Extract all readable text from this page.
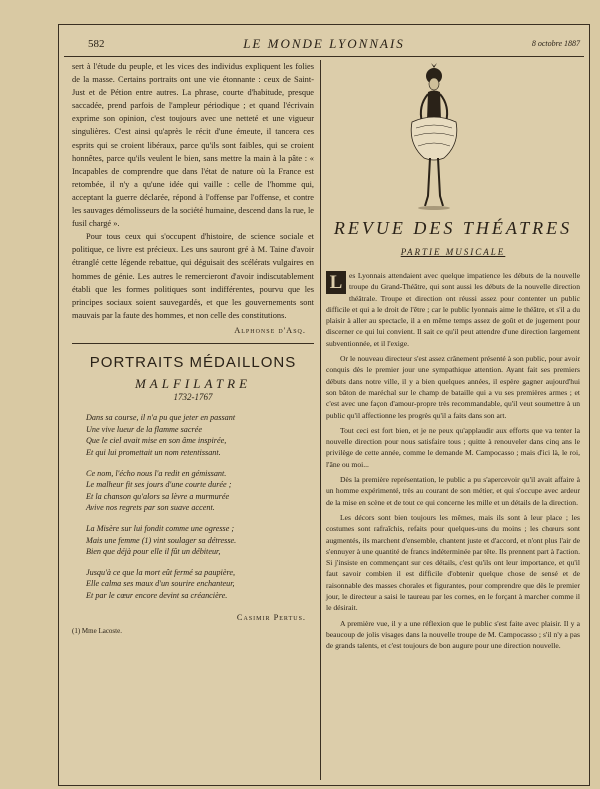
582	LE MONDE LYONNAIS	8 octobre 1887

sert à l'étude du peuple, et les vices des individus expliquent les folies de la masse. Certains portraits ont une vie étonnante : ceux de Saint-Just et de Pétion entre autres. La phrase, courte d'habitude, presque saccadée, prend parfois de l'ampleur périodique ; et quand l'écrivain exprime son opinion, c'est toujours avec une netteté et une vigueur singulières. C'est ainsi qu'après le récit d'une émeute, il tancera ces esprits qui se croient libéraux, parce qu'ils sont faibles, qui se croient honnêtes, parce qu'ils veulent le bien, sans mettre la main à la pâte : « Incapables de comprendre que dans l'état de nature où la France est retombée, il n'y a qu'une idée qui vaille : celle de l'homme qui, acceptant la guerre déclarée, répond à l'offense par l'offense, et contre les sauvages démolisseurs de la société humaine, descend dans la rue, le fusil chargé ».

Pour tous ceux qui s'occupent d'histoire, de science sociale et politique, ce livre est précieux. Les uns sauront gré à M. Taine d'avoir étranglé cette légende rebattue, qui déguisait des scélérats vulgaires en hommes de génie. Les autres le remercieront d'avoir indiscutablement établi que les formes politiques sont indifférentes, pourvu que les principes sociaux soient sauvegardés, et que les gouvernements sont mauvais par la faute des hommes, et non celle des constitutions.

Alphonse d'Asq.
PORTRAITS MÉDAILLONS
MALFILATRE
1732-1767
Dans sa course, il n'a pu que jeter en passant
Une vive lueur de la flamme sacrée
Que le ciel avait mise en son âme inspirée,
Et qui lui promettait un nom retentissant.
Ce nom, l'écho nous l'a redit en gémissant.
Le malheur fit ses jours d'une courte durée ;
Et la chanson qu'alors sa lèvre a murmurée
Avive nos regrets par son suave accent.
La Misère sur lui fondit comme une ogresse ;
Mais une femme (1) vint soulager sa détresse.
Bien que déjà pour elle il fût un débiteur,
Jusqu'à ce que la mort eût fermé sa paupière,
Elle calma ses maux d'un sourire enchanteur,
Et par le cœur encore devint sa créancière.
Casimir Pertus.
(1) Mme Lacoste.
REVUE DES THÉATRES
PARTIE MUSICALE

L es Lyonnais attendaient avec quelque impatience les débuts de la nouvelle troupe du Grand-Théâtre, qui sont aussi les débuts de la nouvelle direction théâtrale. Troupe et direction ont réussi assez pour contenter un public difficile et qui a le droit de l'être ; car le public lyonnais aime le théâtre, et s'il a du plaisir à aller au spectacle, il a en même temps assez de goût et de jugement pour discerner ce qui lui convient. Il sait ce qu'il peut attendre d'une direction largement subventionnée, et il l'exige.

Or le nouveau directeur s'est assez crânement présenté à son public, pour avoir conquis dès le premier jour une sympathique attention. Ayant fait ses premiers débuts dans notre ville, il y a bien quelques années, il espère gagner aujourd'hui son bâton de maréchal sur le champ de bataille qui a vu ses premières armes ; et c'est avec une façon d'amour-propre très recommandable, qu'il veut soumettre à un public qu'il affectionne les progrès qu'il a faits dans son art.

Tout ceci est fort bien, et je ne peux qu'applaudir aux efforts que va tenter la nouvelle direction pour nous satisfaire tous ; quitte à renouveler dans cinq ans le privilège de cette année, comme le demande M. Campocasso ; mais d'ici là, le roi, l'âne ou moi...

Dès la première représentation, le public a pu s'apercevoir qu'il avait affaire à un homme expérimenté, très au courant de son métier, et qui s'occupe avec ardeur de la mise en scène et de tout ce qui concerne les mille et un détails de la direction.

Les décors sont bien toujours les mêmes, mais ils sont à leur place ; les costumes sont rafraîchis, refaits pour quelques-uns du moins ; les chœurs sont augmentés, ils marchent d'ensemble, chantent juste et d'accord, et n'ont plus l'air de s'ennuyer à une quantité de francs indéterminée par tête. Ils prennent part à l'action. Si j'insiste en commençant sur ces détails, c'est qu'ils ont leur importance, et qu'il faut savoir combien il est difficile d'obtenir quelque chose de sensé et de raisonnable des masses chorales et figurantes, pour comprendre que dès le premier jour, le directeur a saisi le taureau par les cornes, en le forçant à marcher comme il le désirait.

A première vue, il y a une réflexion que le public s'est faite avec plaisir. Il y a beaucoup de jolis visages dans la nouvelle troupe de M. Campocasso ; s'il n'y a pas de grands talents, et c'est toujours de bon augure pour une direction nouvelle.
